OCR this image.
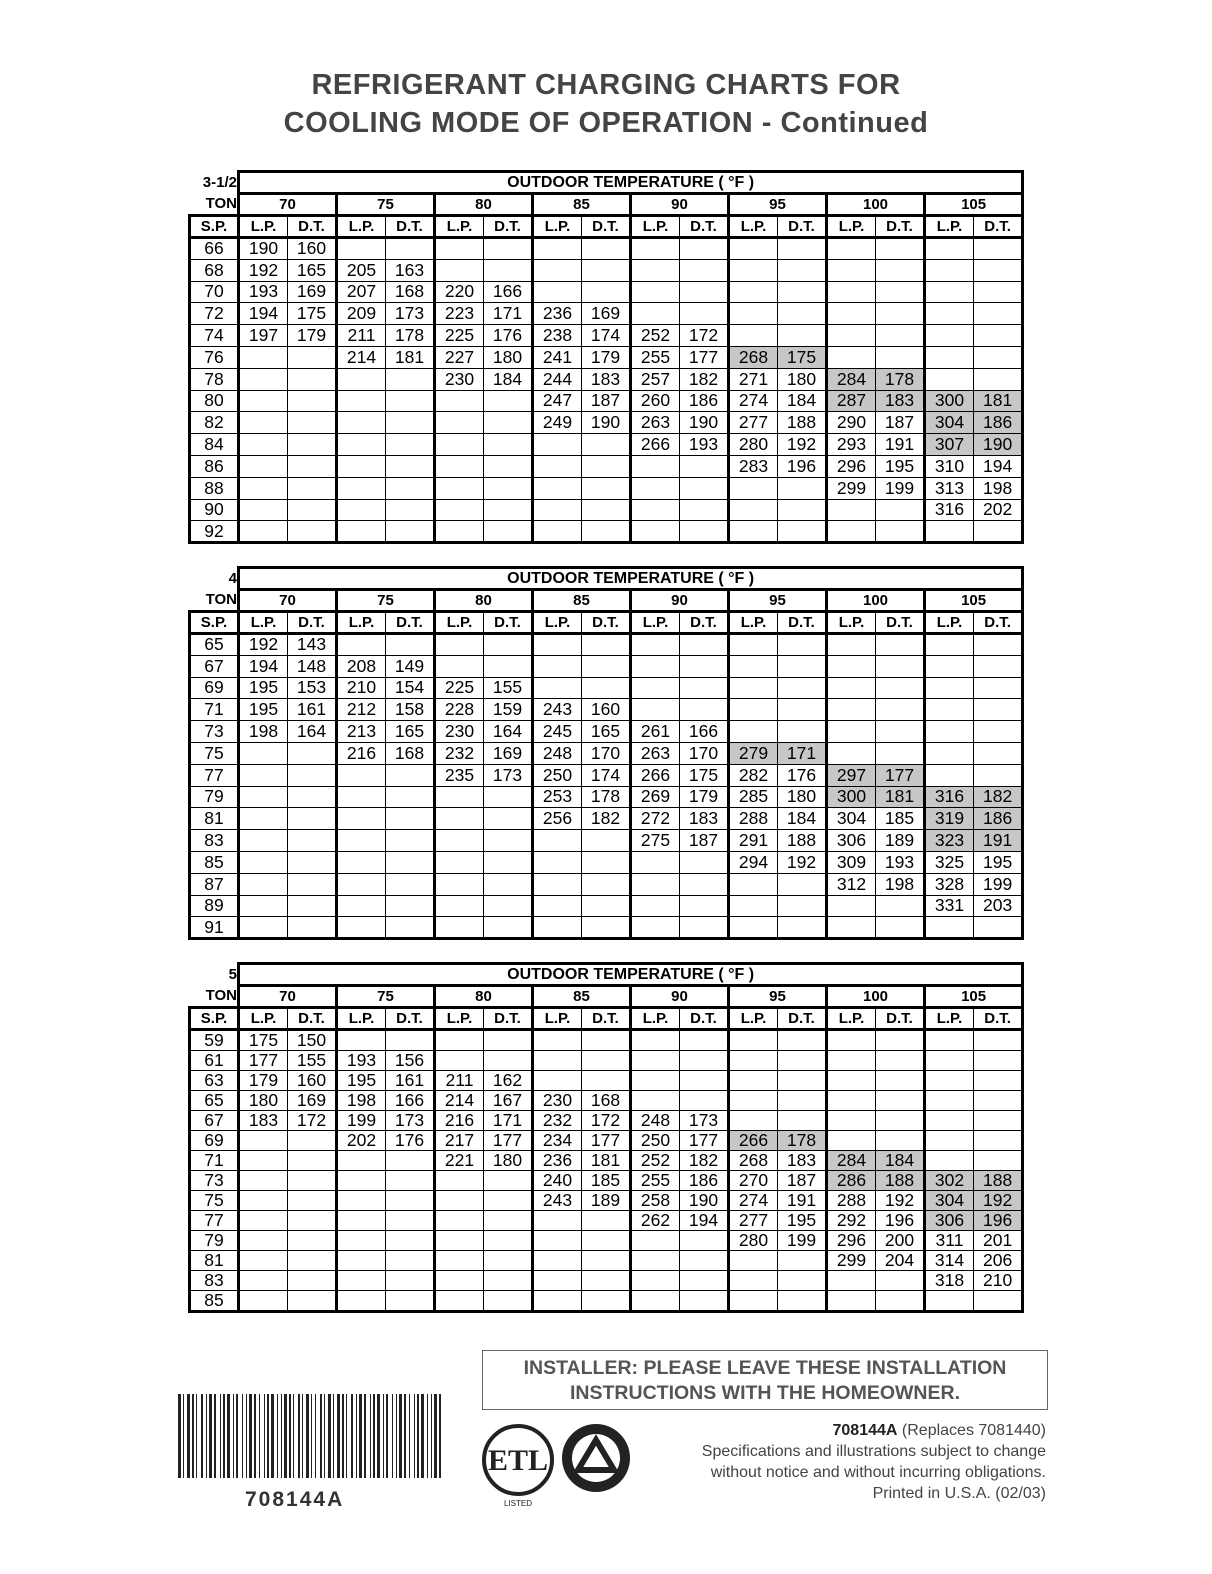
REFRIGERANT CHARGING CHARTS FOR
COOLING MODE OF OPERATION - Continued
3-1/2	OUTDOOR TEMPERATURE ( °F )															
TON	70		75		80		85		90		95		100		105	
S.P.	L.P.	D.T.	L.P.	D.T.	L.P.	D.T.	L.P.	D.T.	L.P.	D.T.	L.P.	D.T.	L.P.	D.T.	L.P.	D.T.
66	190	160														
68	192	165	205	163												
70	193	169	207	168	220	166										
72	194	175	209	173	223	171	236	169								
74	197	179	211	178	225	176	238	174	252	172						
76			214	181	227	180	241	179	255	177	268	175				
78					230	184	244	183	257	182	271	180	284	178		
80							247	187	260	186	274	184	287	183	300	181
82							249	190	263	190	277	188	290	187	304	186
84									266	193	280	192	293	191	307	190
86											283	196	296	195	310	194
88													299	199	313	198
90															316	202
92																
4	OUTDOOR TEMPERATURE ( °F )															
TON	70		75		80		85		90		95		100		105	
S.P.	L.P.	D.T.	L.P.	D.T.	L.P.	D.T.	L.P.	D.T.	L.P.	D.T.	L.P.	D.T.	L.P.	D.T.	L.P.	D.T.
65	192	143														
67	194	148	208	149												
69	195	153	210	154	225	155										
71	195	161	212	158	228	159	243	160								
73	198	164	213	165	230	164	245	165	261	166						
75			216	168	232	169	248	170	263	170	279	171				
77					235	173	250	174	266	175	282	176	297	177		
79							253	178	269	179	285	180	300	181	316	182
81							256	182	272	183	288	184	304	185	319	186
83									275	187	291	188	306	189	323	191
85											294	192	309	193	325	195
87													312	198	328	199
89															331	203
91																
5	OUTDOOR TEMPERATURE ( °F )															
TON	70		75		80		85		90		95		100		105	
S.P.	L.P.	D.T.	L.P.	D.T.	L.P.	D.T.	L.P.	D.T.	L.P.	D.T.	L.P.	D.T.	L.P.	D.T.	L.P.	D.T.
59	175	150														
61	177	155	193	156												
63	179	160	195	161	211	162										
65	180	169	198	166	214	167	230	168								
67	183	172	199	173	216	171	232	172	248	173						
69			202	176	217	177	234	177	250	177	266	178				
71					221	180	236	181	252	182	268	183	284	184		
73							240	185	255	186	270	187	286	188	302	188
75							243	189	258	190	274	191	288	192	304	192
77									262	194	277	195	292	196	306	196
79											280	199	296	200	311	201
81													299	204	314	206
83															318	210
85																
INSTALLER: PLEASE LEAVE THESE INSTALLATION
INSTRUCTIONS WITH THE HOMEOWNER.
708144A
ETL
LISTED
708144A (Replaces 7081440)
Specifications and illustrations subject to change
without notice and without incurring obligations.
Printed in U.S.A. (02/03)
